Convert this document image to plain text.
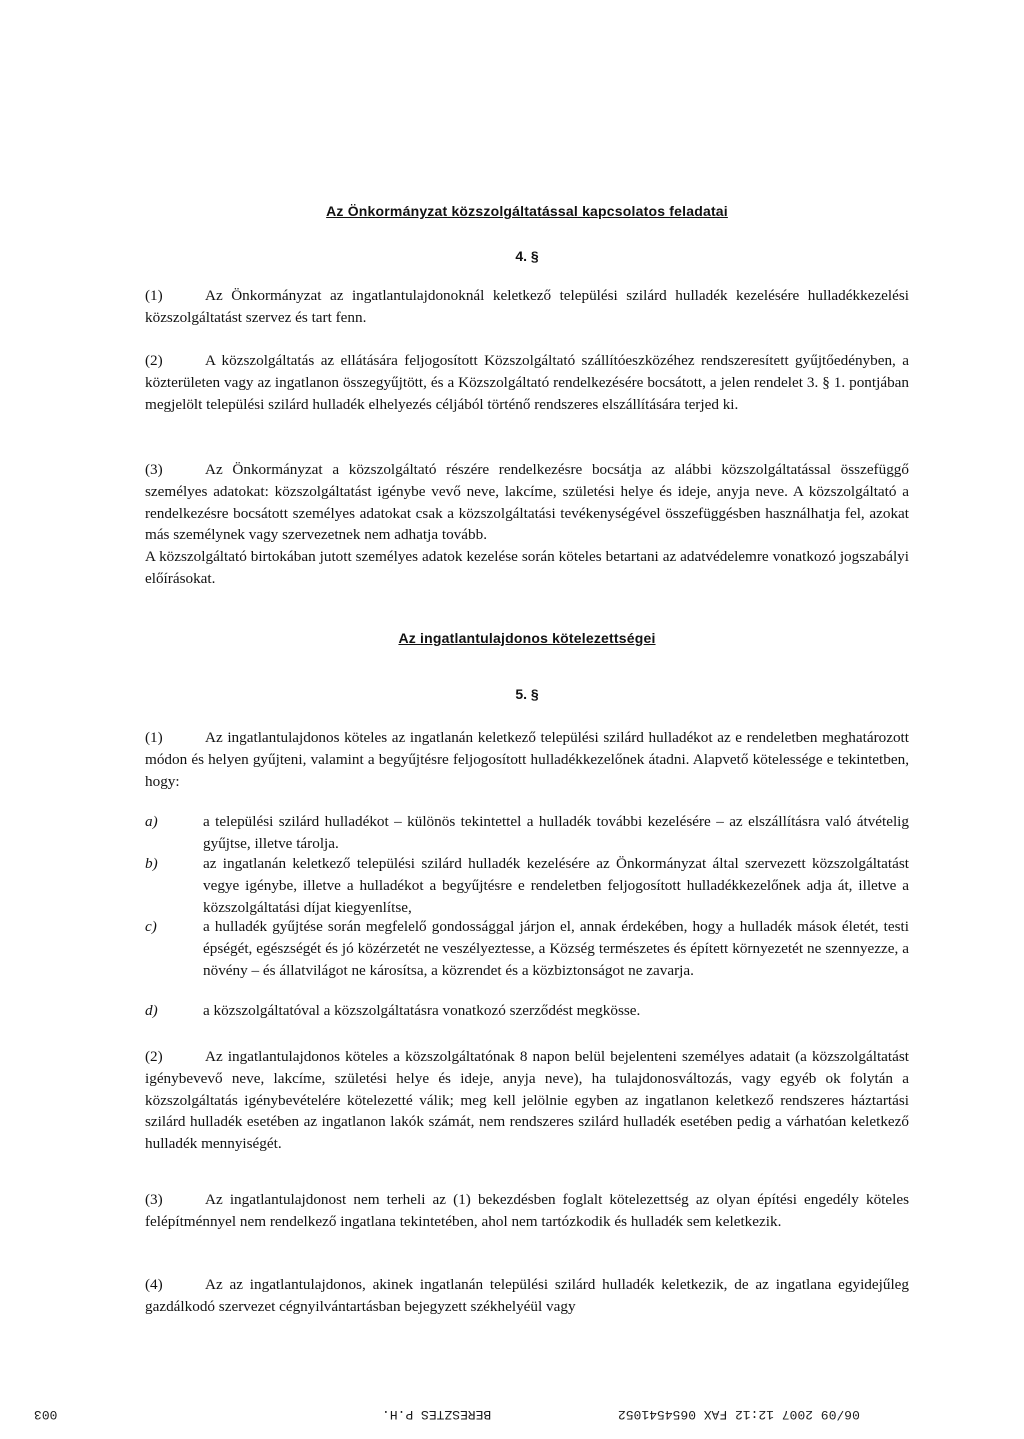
Az Önkormányzat közszolgáltatással kapcsolatos feladatai
4. §
(1)	Az Önkormányzat az ingatlantulajdonoknál keletkező települési szilárd hulladék kezelésére hulladékkezelési közszolgáltatást szervez és tart fenn.
(2)	A közszolgáltatás az ellátására feljogosított Közszolgáltató szállítóeszközéhez rendszeresített gyűjtőedényben, a közterületen vagy az ingatlanon összegyűjtött, és a Közszolgáltató rendelkezésére bocsátott, a jelen rendelet 3. § 1. pontjában megjelölt települési szilárd hulladék elhelyezés céljából történő rendszeres elszállítására terjed ki.
(3)	Az Önkormányzat a közszolgáltató részére rendelkezésre bocsátja az alábbi közszolgáltatással összefüggő személyes adatokat: közszolgáltatást igénybe vevő neve, lakcíme, születési helye és ideje, anyja neve. A közszolgáltató a rendelkezésre bocsátott személyes adatokat csak a közszolgáltatási tevékenységével összefüggésben használhatja fel, azokat más személynek vagy szervezetnek nem adhatja tovább.
A közszolgáltató birtokában jutott személyes adatok kezelése során köteles betartani az adatvédelemre vonatkozó jogszabályi előírásokat.
Az ingatlantulajdonos kötelezettségei
5. §
(1)	Az ingatlantulajdonos köteles az ingatlanán keletkező települési szilárd hulladékot az e rendeletben meghatározott módon és helyen gyűjteni, valamint a begyűjtésre feljogosított hulladékkezelőnek átadni. Alapvető kötelessége e tekintetben, hogy:
a)	a települési szilárd hulladékot – különös tekintettel a hulladék további kezelésére – az elszállításra való átvételig gyűjtse, illetve tárolja.
b)	az ingatlanán keletkező települési szilárd hulladék kezelésére az Önkormányzat által szervezett közszolgáltatást vegye igénybe, illetve a hulladékot a begyűjtésre e rendeletben feljogosított hulladékkezelőnek adja át, illetve a közszolgáltatási díjat kiegyenlítse,
c)	a hulladék gyűjtése során megfelelő gondossággal járjon el, annak érdekében, hogy a hulladék mások életét, testi épségét, egészségét és jó közérzetét ne veszélyeztesse, a Község természetes és épített környezetét ne szennyezze, a növény – és állatvilágot ne károsítsa, a közrendet és a közbiztonságot ne zavarja.
d)	a közszolgáltatóval a közszolgáltatásra vonatkozó szerződést megkösse.
(2)	Az ingatlantulajdonos köteles a közszolgáltatónak 8 napon belül bejelenteni személyes adatait (a közszolgáltatást igénybevevő neve, lakcíme, születési helye és ideje, anyja neve), ha tulajdonosváltozás, vagy egyéb ok folytán a közszolgáltatás igénybevételére kötelezetté válik; meg kell jelölnie egyben az ingatlanon keletkező rendszeres háztartási szilárd hulladék esetében az ingatlanon lakók számát, nem rendszeres szilárd hulladék esetében pedig a várhatóan keletkező hulladék mennyiségét.
(3)	Az ingatlantulajdonost nem terheli az (1) bekezdésben foglalt kötelezettség az olyan építési engedély köteles felépítménnyel nem rendelkező ingatlana tekintetében, ahol nem tartózkodik és hulladék sem keletkezik.
(4)	Az az ingatlantulajdonos, akinek ingatlanán települési szilárd hulladék keletkezik, de az ingatlana egyidejűleg gazdálkodó szervezet cégnyilvántartásban bejegyzett székhelyéül vagy
003	BERESZTES P.H.	06/09 2007 12:12 FAX 0654541052
